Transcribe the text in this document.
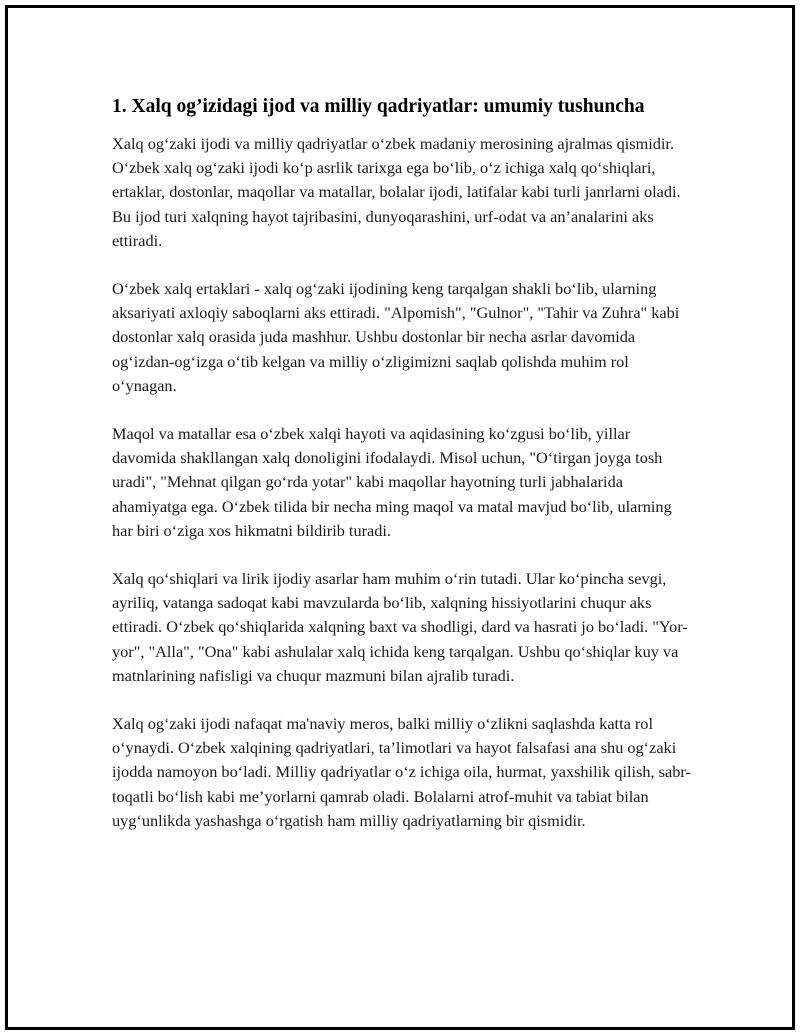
1. Xalq og’izidagi ijod va milliy qadriyatlar: umumiy tushuncha

Xalq og‘zaki ijodi va milliy qadriyatlar o‘zbek madaniy merosining ajralmas qismidir. O‘zbek xalq og‘zaki ijodi ko‘p asrlik tarixga ega bo‘lib, o‘z ichiga xalq qo‘shiqlari, ertaklar, dostonlar, maqollar va matallar, bolalar ijodi, latifalar kabi turli janrlarni oladi. Bu ijod turi xalqning hayot tajribasini, dunyoqarashini, urf-odat va an’analarini aks ettiradi.

O‘zbek xalq ertaklari - xalq og‘zaki ijodining keng tarqalgan shakli bo‘lib, ularning aksariyati axloqiy saboqlarni aks ettiradi. "Alpomish", "Gulnor", "Tahir va Zuhra" kabi dostonlar xalq orasida juda mashhur. Ushbu dostonlar bir necha asrlar davomida og‘izdan-og‘izga o‘tib kelgan va milliy o‘zligimizni saqlab qolishda muhim rol o‘ynagan.

Maqol va matallar esa o‘zbek xalqi hayoti va aqidasining ko‘zgusi bo‘lib, yillar davomida shakllangan xalq donoligini ifodalaydi. Misol uchun, "O‘tirgan joyga tosh uradi", "Mehnat qilgan go‘rda yotar" kabi maqollar hayotning turli jabhalarida ahamiyatga ega. O‘zbek tilida bir necha ming maqol va matal mavjud bo‘lib, ularning har biri o‘ziga xos hikmatni bildirib turadi.

Xalq qo‘shiqlari va lirik ijodiy asarlar ham muhim o‘rin tutadi. Ular ko‘pincha sevgi, ayriliq, vatanga sadoqat kabi mavzularda bo‘lib, xalqning hissiyotlarini chuqur aks ettiradi. O‘zbek qo‘shiqlarida xalqning baxt va shodligi, dard va hasrati jo bo‘ladi. "Yor-yor", "Alla", "Ona" kabi ashulalar xalq ichida keng tarqalgan. Ushbu qo‘shiqlar kuy va matnlarining nafisligi va chuqur mazmuni bilan ajralib turadi.

Xalq og‘zaki ijodi nafaqat ma'naviy meros, balki milliy o‘zlikni saqlashda katta rol o‘ynaydi. O‘zbek xalqining qadriyatlari, ta’limotlari va hayot falsafasi ana shu og‘zaki ijodda namoyon bo‘ladi. Milliy qadriyatlar o‘z ichiga oila, hurmat, yaxshilik qilish, sabr-toqatli bo‘lish kabi me’yorlarni qamrab oladi. Bolalarni atrof-muhit va tabiat bilan uyg‘unlikda yashashga o‘rgatish ham milliy qadriyatlarning bir qismidir.
